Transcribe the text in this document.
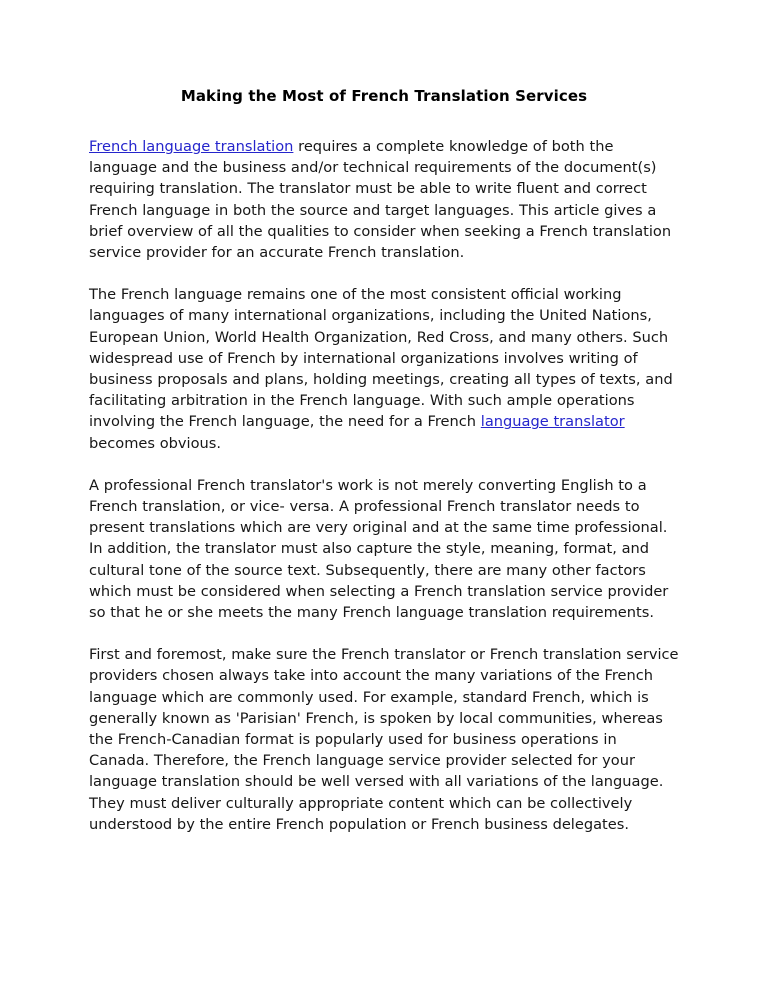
Making the Most of French Translation Services

French language translation requires a complete knowledge of both the language and the business and/or technical requirements of the document(s) requiring translation. The translator must be able to write fluent and correct French language in both the source and target languages. This article gives a brief overview of all the qualities to consider when seeking a French translation service provider for an accurate French translation.

The French language remains one of the most consistent official working languages of many international organizations, including the United Nations, European Union, World Health Organization, Red Cross, and many others. Such widespread use of French by international organizations involves writing of business proposals and plans, holding meetings, creating all types of texts, and facilitating arbitration in the French language. With such ample operations involving the French language, the need for a French language translator becomes obvious.

A professional French translator's work is not merely converting English to a French translation, or vice- versa. A professional French translator needs to present translations which are very original and at the same time professional. In addition, the translator must also capture the style, meaning, format, and cultural tone of the source text. Subsequently, there are many other factors which must be considered when selecting a French translation service provider so that he or she meets the many French language translation requirements.

First and foremost, make sure the French translator or French translation service providers chosen always take into account the many variations of the French language which are commonly used. For example, standard French, which is generally known as 'Parisian' French, is spoken by local communities, whereas the French-Canadian format is popularly used for business operations in Canada. Therefore, the French language service provider selected for your language translation should be well versed with all variations of the language. They must deliver culturally appropriate content which can be collectively understood by the entire French population or French business delegates.
